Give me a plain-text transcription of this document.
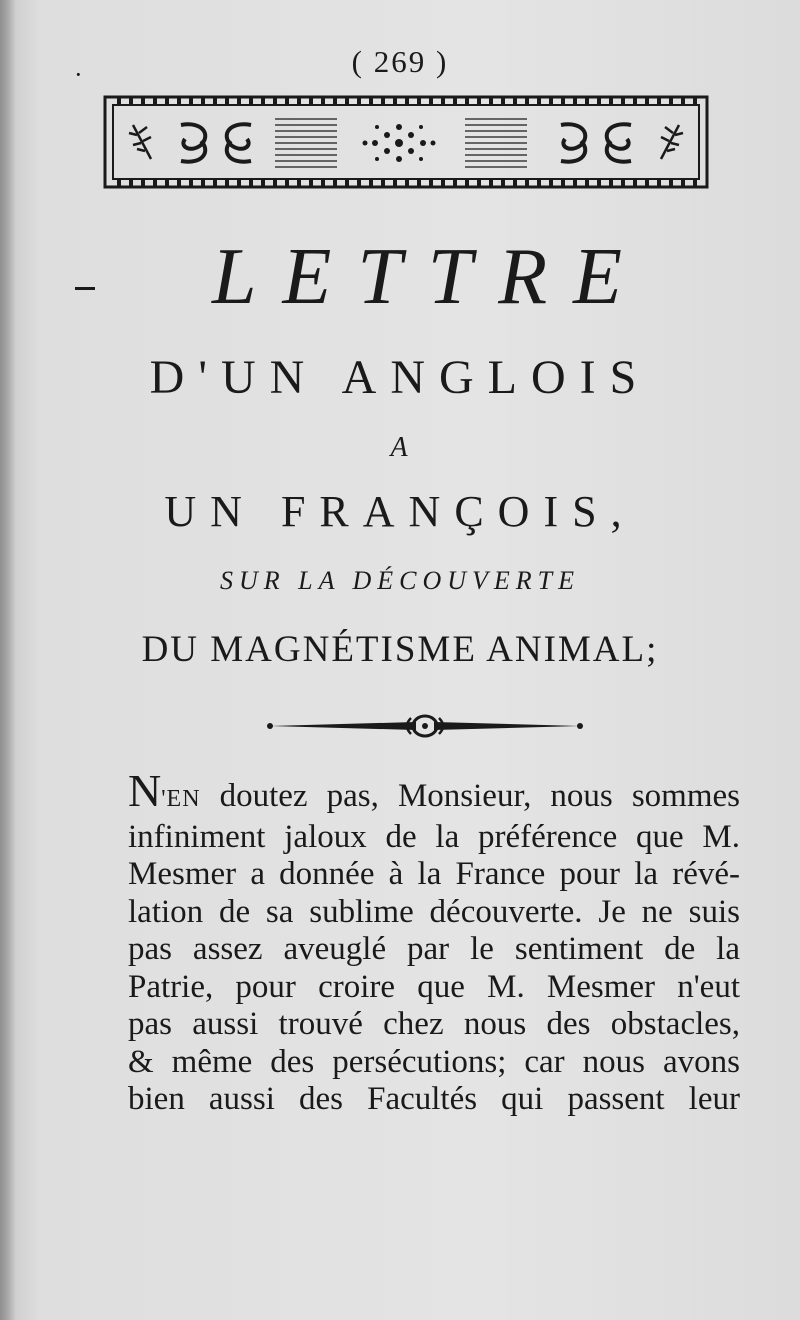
( 269 )
·
LETTRE
D'UN ANGLOIS
A
UN FRANÇOIS,
SUR LA DÉCOUVERTE
DU MAGNÉTISME ANIMAL;
N'EN doutez pas, Monsieur, nous sommes
infiniment jaloux de la préférence que M.
Mesmer a donnée à la France pour la révé-
lation de sa sublime découverte. Je ne suis
pas assez aveuglé par le sentiment de la
Patrie, pour croire que M. Mesmer n'eut
pas aussi trouvé chez nous des obstacles,
& même des persécutions; car nous avons
bien aussi des Facultés qui passent leur
